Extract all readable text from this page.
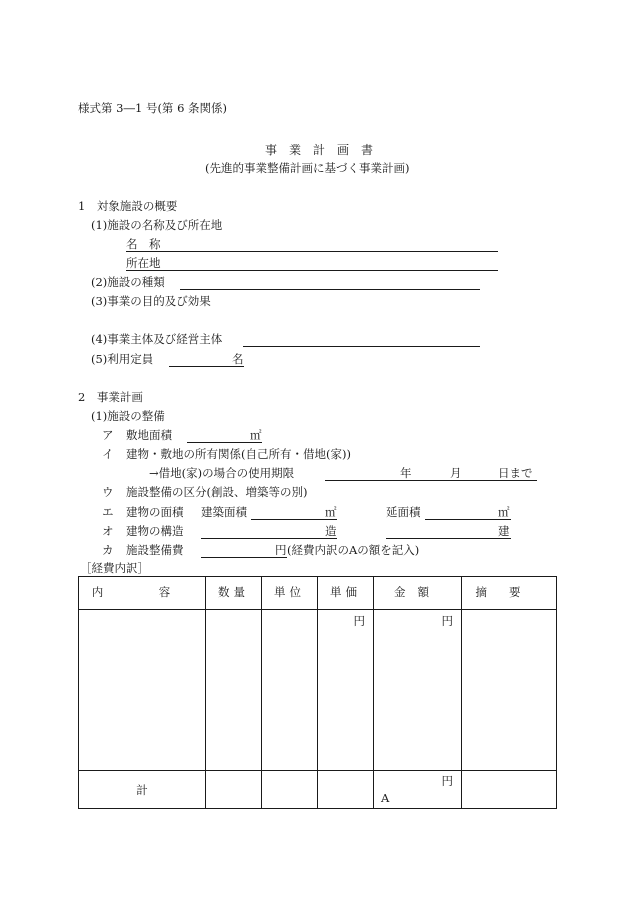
様式第 3―1 号(第 6 条関係)
事業計画書
(先進的事業整備計画に基づく事業計画)
1　対象施設の概要
(1)施設の名称及び所在地
名　称
所在地
(2)施設の種類
(3)事業の目的及び効果
(4)事業主体及び経営主体
(5)利用定員	名
2　事業計画
(1)施設の整備
ア 敷地面積	㎡
イ 建物・敷地の所有関係(自己所有・借地(家))
→借地(家)の場合の使用期限	年	月	日まで
ウ 施設整備の区分(創設、増築等の別)
エ 建物の面積 建築面積	㎡	延面積	㎡
オ 建物の構造	造	建
カ 施設整備費	円 (経費内訳のAの額を記入)
［経費内訳］
内　容	数量	単位	単価	金額	摘要

			円	円	

計				円
A	
